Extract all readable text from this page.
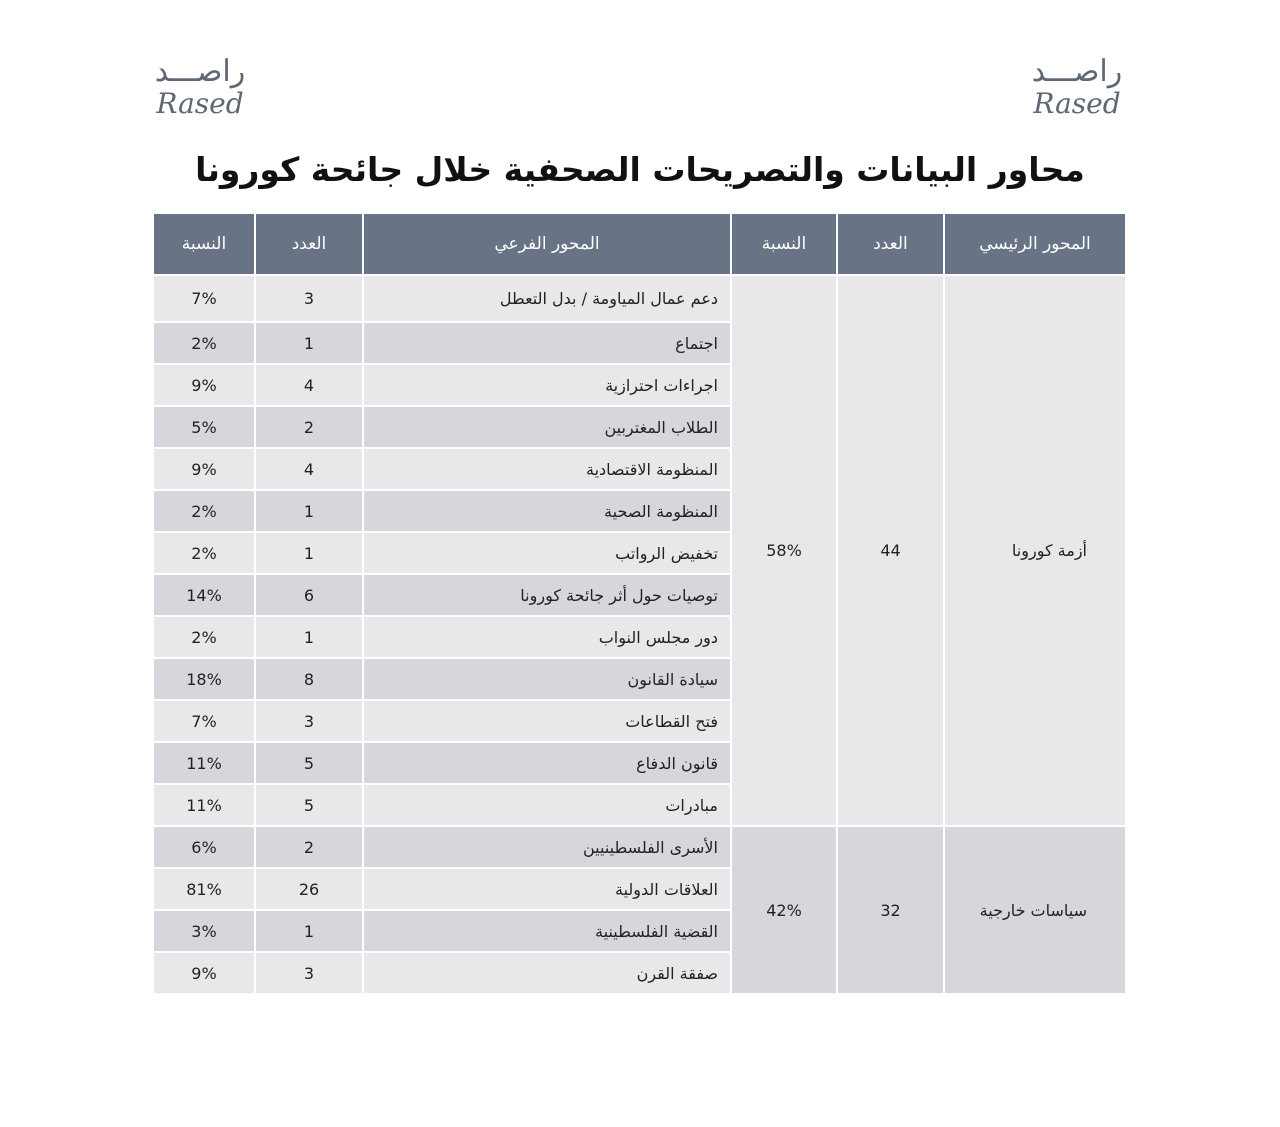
راصـــد
Rased
راصـــد
Rased
محاور البيانات والتصريحات الصحفية خلال جائحة كورونا
المحور الرئيسي	العدد	النسبة	المحور الفرعي	العدد	النسبة
أزمة كورونا	44	58%	دعم عمال المياومة / بدل التعطل	3	7%
			اجتماع	1	2%
			اجراءات احترازية	4	9%
			الطلاب المغتربين	2	5%
			المنظومة الاقتصادية	4	9%
			المنظومة الصحية	1	2%
			تخفيض الرواتب	1	2%
			توصيات حول أثر جائحة كورونا	6	14%
			دور مجلس النواب	1	2%
			سيادة القانون	8	18%
			فتح القطاعات	3	7%
			قانون الدفاع	5	11%
			مبادرات	5	11%
سياسات خارجية	32	42%	الأسرى الفلسطينيين	2	6%
			العلاقات الدولية	26	81%
			القضية الفلسطينية	1	3%
			صفقة القرن	3	9%
